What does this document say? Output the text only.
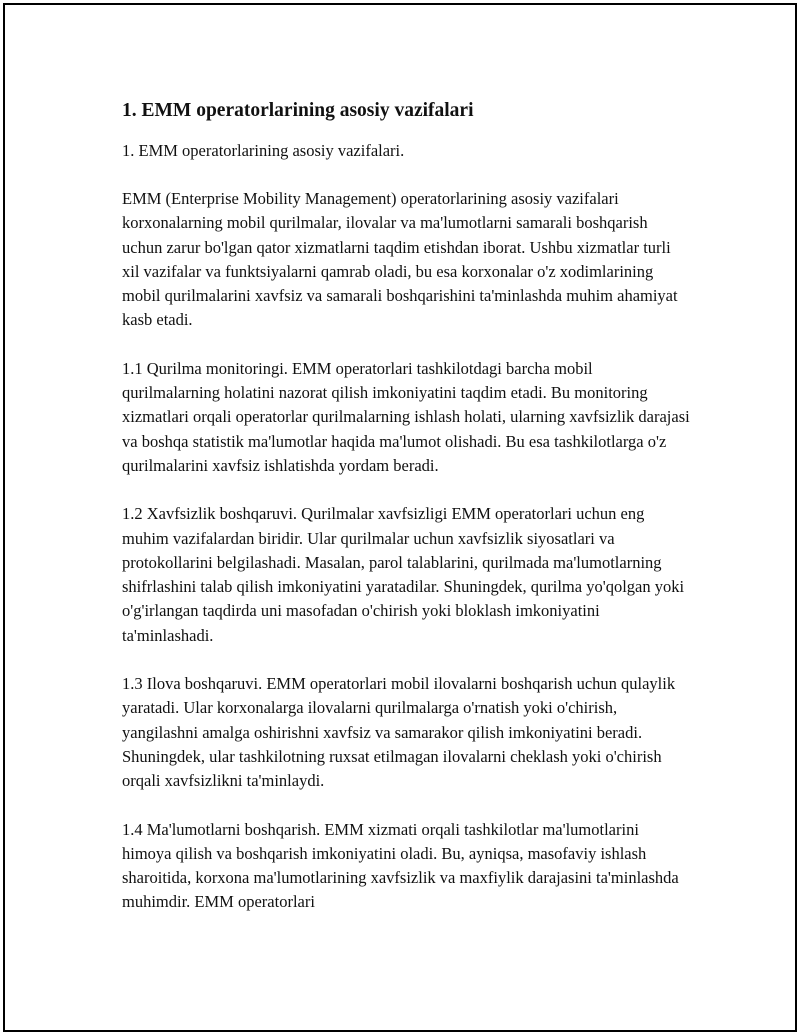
1. EMM operatorlarining asosiy vazifalari

1. EMM operatorlarining asosiy vazifalari.

EMM (Enterprise Mobility Management) operatorlarining asosiy vazifalari korxonalarning mobil qurilmalar, ilovalar va ma'lumotlarni samarali boshqarish uchun zarur bo'lgan qator xizmatlarni taqdim etishdan iborat. Ushbu xizmatlar turli xil vazifalar va funktsiyalarni qamrab oladi, bu esa korxonalar o'z xodimlarining mobil qurilmalarini xavfsiz va samarali boshqarishini ta'minlashda muhim ahamiyat kasb etadi.

1.1 Qurilma monitoringi. EMM operatorlari tashkilotdagi barcha mobil qurilmalarning holatini nazorat qilish imkoniyatini taqdim etadi. Bu monitoring xizmatlari orqali operatorlar qurilmalarning ishlash holati, ularning xavfsizlik darajasi va boshqa statistik ma'lumotlar haqida ma'lumot olishadi. Bu esa tashkilotlarga o'z qurilmalarini xavfsiz ishlatishda yordam beradi.

1.2 Xavfsizlik boshqaruvi. Qurilmalar xavfsizligi EMM operatorlari uchun eng muhim vazifalardan biridir. Ular qurilmalar uchun xavfsizlik siyosatlari va protokollarini belgilashadi. Masalan, parol talablarini, qurilmada ma'lumotlarning shifrlashini talab qilish imkoniyatini yaratadilar. Shuningdek, qurilma yo'qolgan yoki o'g'irlangan taqdirda uni masofadan o'chirish yoki bloklash imkoniyatini ta'minlashadi.

1.3 Ilova boshqaruvi. EMM operatorlari mobil ilovalarni boshqarish uchun qulaylik yaratadi. Ular korxonalarga ilovalarni qurilmalarga o'rnatish yoki o'chirish, yangilashni amalga oshirishni xavfsiz va samarakor qilish imkoniyatini beradi. Shuningdek, ular tashkilotning ruxsat etilmagan ilovalarni cheklash yoki o'chirish orqali xavfsizlikni ta'minlaydi.

1.4 Ma'lumotlarni boshqarish. EMM xizmati orqali tashkilotlar ma'lumotlarini himoya qilish va boshqarish imkoniyatini oladi. Bu, ayniqsa, masofaviy ishlash sharoitida, korxona ma'lumotlarining xavfsizlik va maxfiylik darajasini ta'minlashda muhimdir. EMM operatorlari
